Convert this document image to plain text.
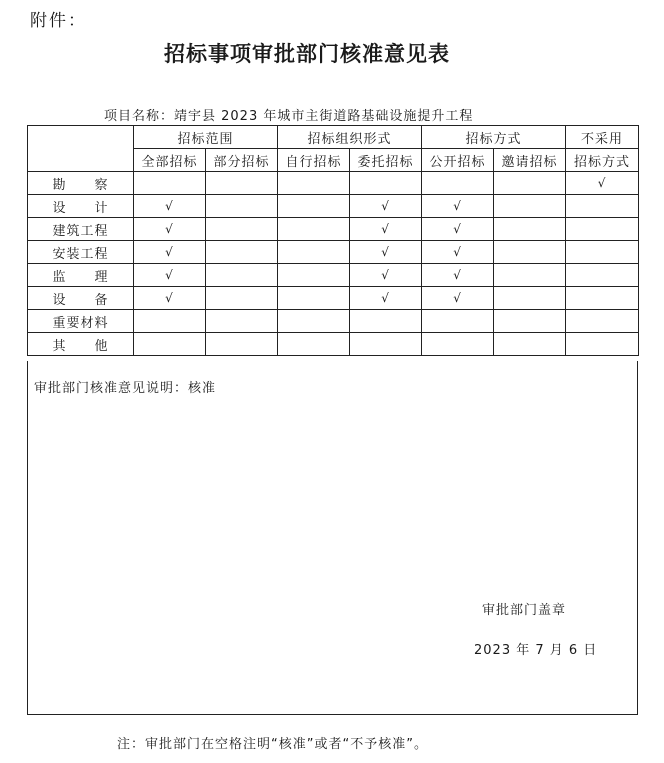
附件：
招标事项审批部门核准意见表
项目名称：靖宇县 2023 年城市主街道路基础设施提升工程
	招标范围		招标组织形式		招标方式		不采用
	全部招标	部分招标	自行招标	委托招标	公开招标	邀请招标	招标方式
勘　　察							√
设　　计	√			√	√		
建筑工程	√			√	√		
安装工程	√			√	√		
监　　理	√			√	√		
设　　备	√			√	√		
重要材料							
其　　他							
审批部门核准意见说明：核准
审批部门盖章
2023 年 7 月 6 日
注：审批部门在空格注明“核准”或者“不予核准”。
